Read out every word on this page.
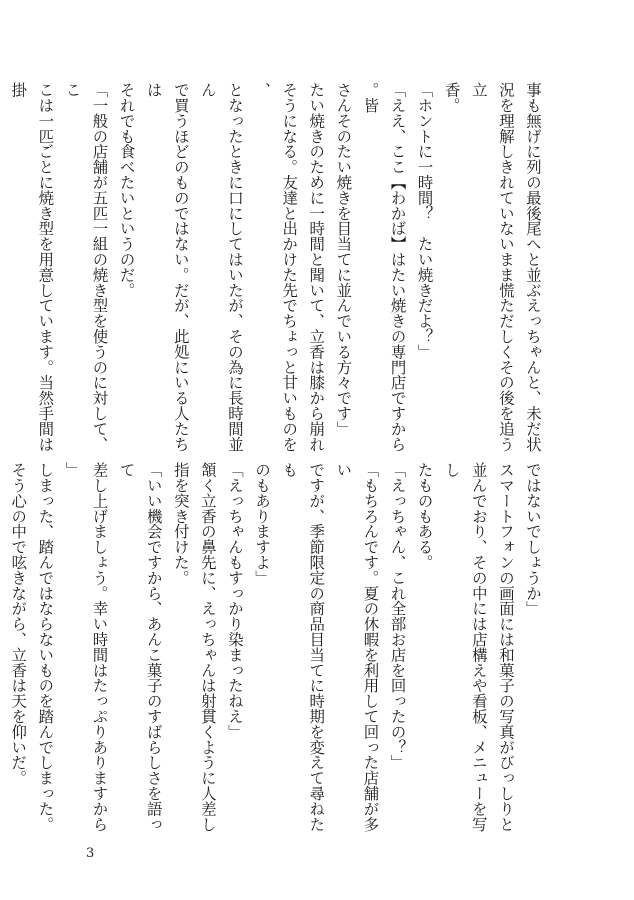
事も無げに列の最後尾へと並ぶえっちゃんと、未だ状
況を理解しきれていないまま慌ただしくその後を追う立
香。
「ホントに一時間？　たい焼きだよ？」
「ええ、ここ【わかば】はたい焼きの専門店ですから。皆
さんそのたい焼きを目当てに並んでいる方々です」
たい焼きのために一時間と聞いて、立香は膝から崩れ
そうになる。友達と出かけた先でちょっと甘いものを、
となったときに口にしてはいたが、その為に長時間並ん
で買うほどのものではない。だが、此処にいる人たちは
それでも食べたいというのだ。
「一般の店舗が五匹一組の焼き型を使うのに対して、こ
こは一匹ごとに焼き型を用意しています。当然手間は掛
ではないでしょうか」
スマートフォンの画面には和菓子の写真がびっしりと
並んでおり、その中には店構えや看板、メニューを写し
たものもある。
「えっちゃん、これ全部お店を回ったの？」
「もちろんです。夏の休暇を利用して回った店舗が多い
ですが、季節限定の商品目当てに時期を変えて尋ねたも
のもありますよ」
「えっちゃんもすっかり染まったねえ」
頷く立香の鼻先に、えっちゃんは射貫くように人差し
指を突き付けた。
「いい機会ですから、あんこ菓子のすばらしさを語って
差し上げましょう。幸い時間はたっぷりありますから」
しまった、踏んではならないものを踏んでしまった。
そう心の中で呟きながら、立香は天を仰いだ。
3
